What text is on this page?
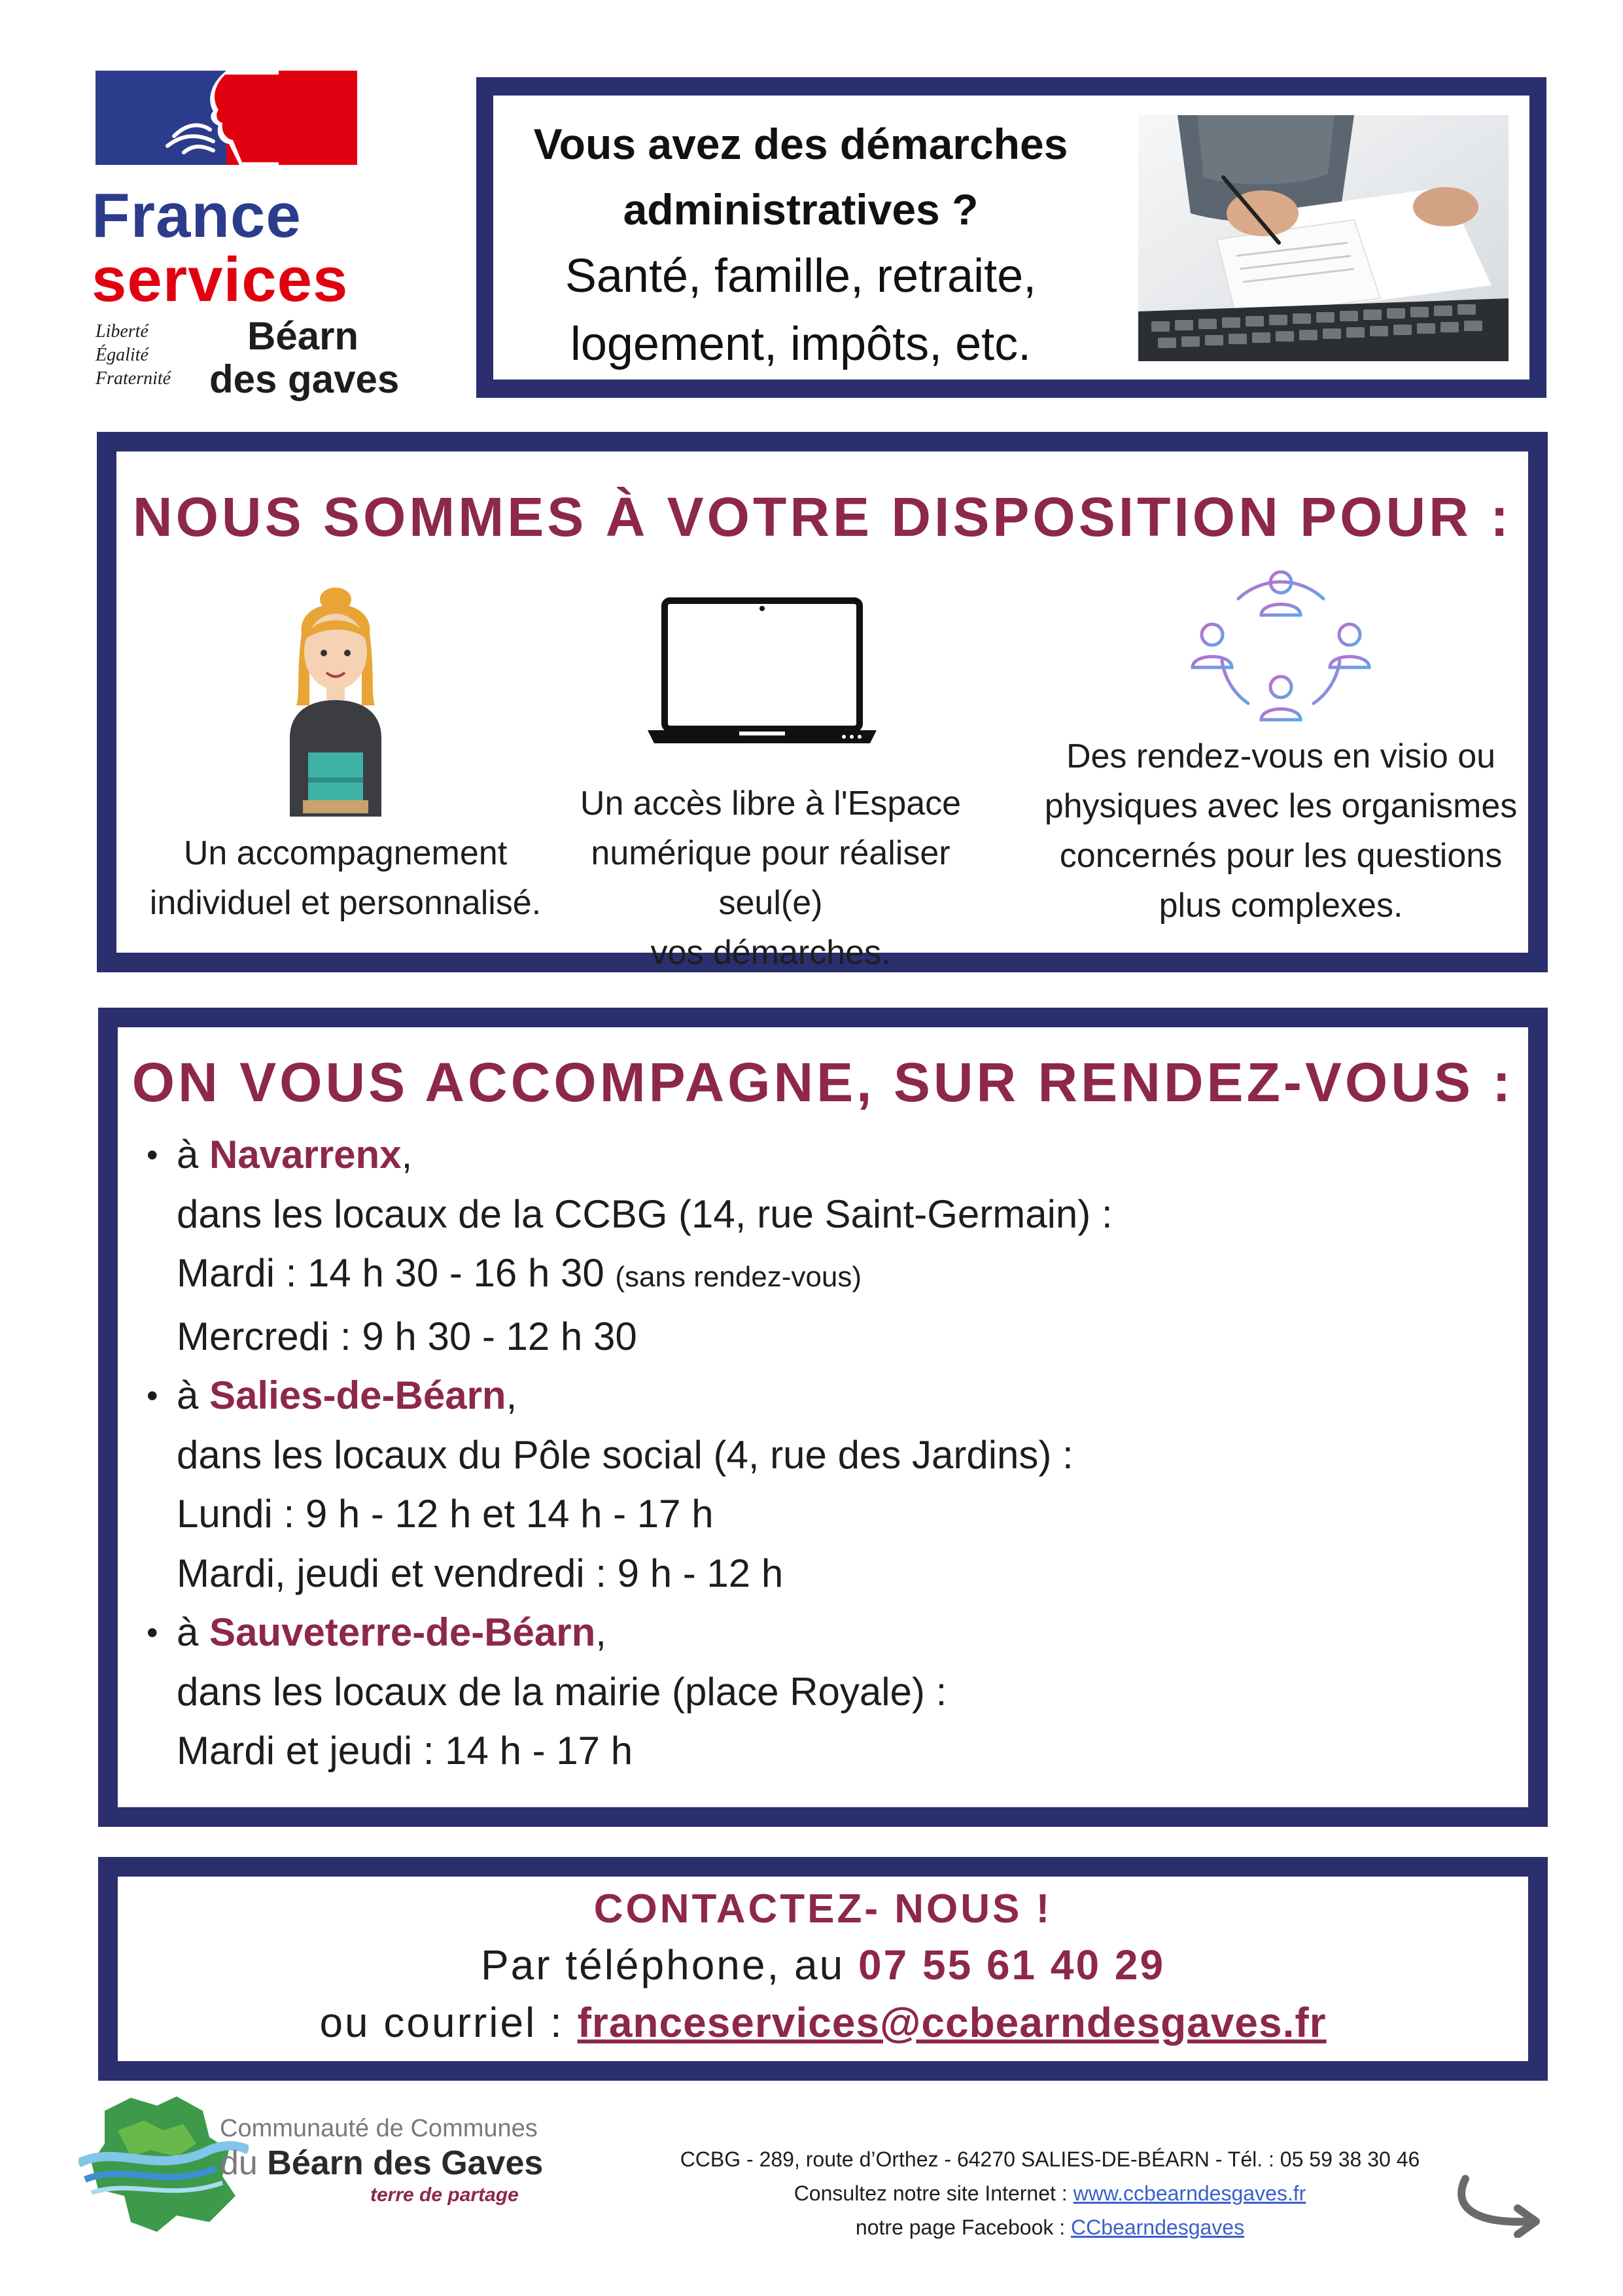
France
services
Liberté
Égalité
Fraternité
Béarn
des gaves
Vous avez des démarches
administratives ?
Santé, famille, retraite,
logement, impôts, etc.
NOUS SOMMES À VOTRE DISPOSITION POUR :
Un accompagnement
individuel et personnalisé.
Un accès libre à l'Espace
numérique pour réaliser seul(e)
vos démarches.
Des rendez-vous en visio ou
physiques avec les organismes
concernés pour les questions
plus complexes.
ON VOUS ACCOMPAGNE, SUR RENDEZ-VOUS :
• à Navarrenx,
dans les locaux de la CCBG (14, rue Saint-Germain) :
Mardi : 14 h 30 - 16 h 30 (sans rendez-vous)
Mercredi : 9 h 30 - 12 h 30
• à Salies-de-Béarn,
dans les locaux du Pôle social (4, rue des Jardins) :
Lundi : 9 h - 12 h et 14 h - 17 h
Mardi, jeudi et vendredi : 9 h - 12 h
• à Sauveterre-de-Béarn,
dans les locaux de la mairie (place Royale) :
Mardi et jeudi : 14 h - 17 h
CONTACTEZ- NOUS !
Par téléphone, au 07 55 61 40 29
ou courriel : franceservices@ccbearndesgaves.fr
Communauté de Communes
du Béarn des Gaves
terre de partage
CCBG - 289, route d’Orthez - 64270 SALIES-DE-BÉARN - Tél. : 05 59 38 30 46
Consultez notre site Internet : www.ccbearndesgaves.fr
notre page Facebook : CCbearndesgaves
